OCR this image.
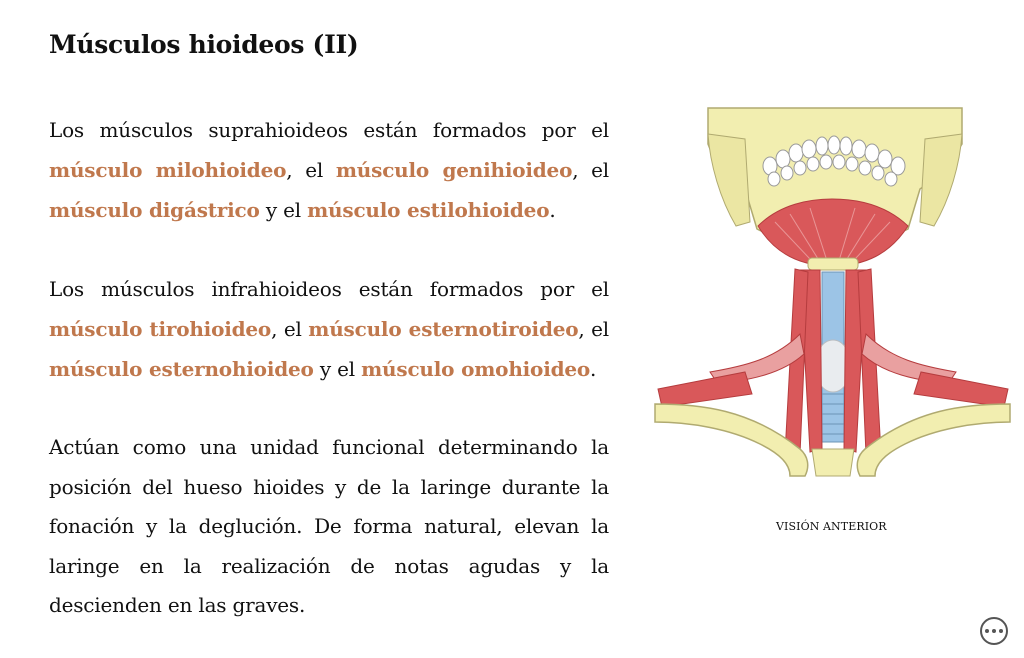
Músculos hioideos (II)

Los músculos suprahioideos están formados por el músculo milohioideo, el músculo genihioideo, el músculo digástrico y el músculo estilohioideo.

Los músculos infrahioideos están formados por el músculo tirohioideo, el músculo esternotiroideo, el músculo esternohioideo y el músculo omohioideo.

Actúan como una unidad funcional determinando la posición del hueso hioides y de la laringe durante la fonación y la deglución. De forma natural, elevan la laringe en la realización de notas agudas y la descienden en las graves.

VISIÓN ANTERIOR
